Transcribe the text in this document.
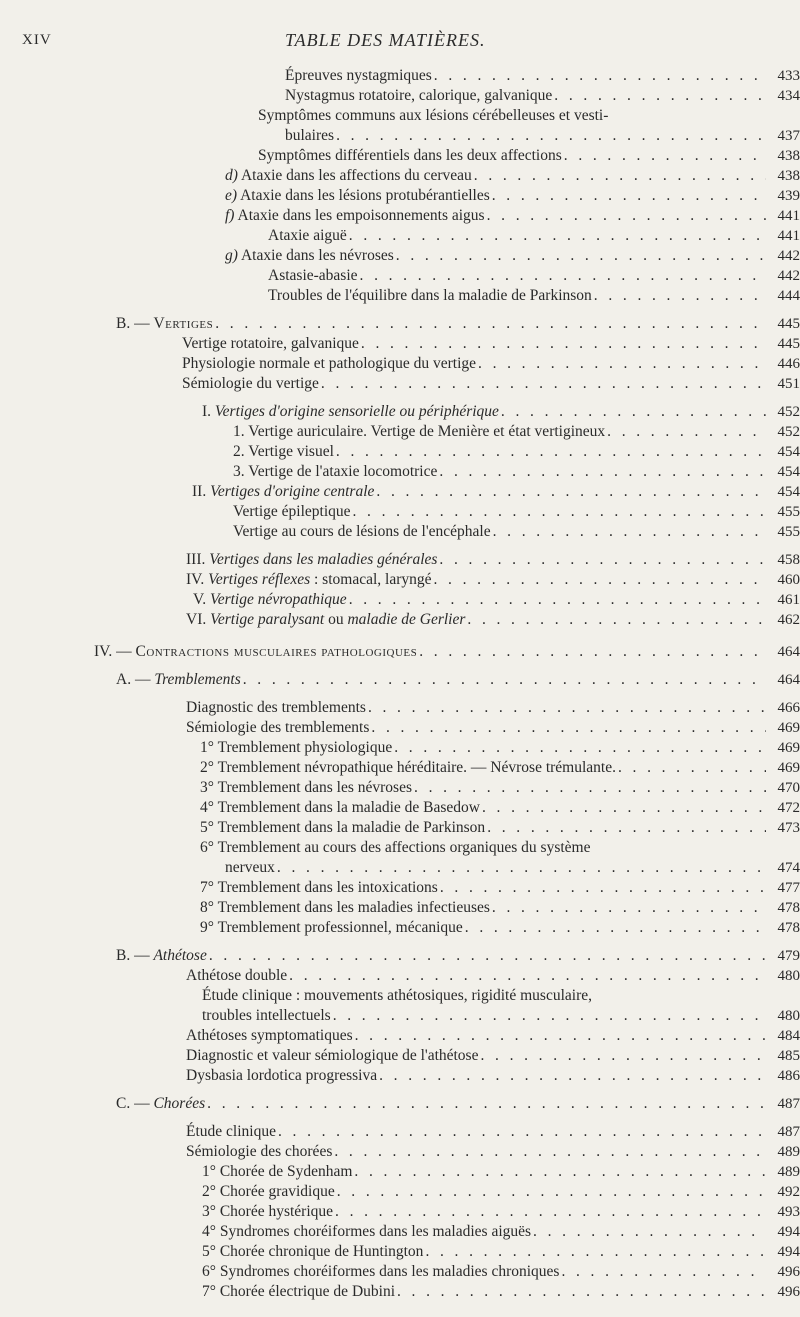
XIV	TABLE DES MATIÈRES.
Épreuves nystagmiques . . .	433
Nystagmus rotatoire, calorique, galvanique . . .	434
Symptômes communs aux lésions cérébelleuses et vesti-
bulaires . . .	437
Symptômes différentiels dans les deux affections . . .	438
d) Ataxie dans les affections du cerveau . . .	438
e) Ataxie dans les lésions protubérantielles . . .	439
f) Ataxie dans les empoisonnements aigus . . .	441
Ataxie aiguë . . .	441
g) Ataxie dans les névroses . . .	442
Astasie-abasie . . .	442
Troubles de l'équilibre dans la maladie de Parkinson . . .	444
B. — Vertiges . . .	445
Vertige rotatoire, galvanique . . .	445
Physiologie normale et pathologique du vertige . . .	446
Sémiologie du vertige . . .	451
I. Vertiges d'origine sensorielle ou périphérique . . .	452
1. Vertige auriculaire. Vertige de Menière et état vertigineux . . .	452
2. Vertige visuel . . .	454
3. Vertige de l'ataxie locomotrice . . .	454
II. Vertiges d'origine centrale . . .	454
Vertige épileptique . . .	455
Vertige au cours de lésions de l'encéphale . . .	455
III. Vertiges dans les maladies générales . . .	458
IV. Vertiges réflexes : stomacal, laryngé . . .	460
V. Vertige névropathique . . .	461
VI. Vertige paralysant ou maladie de Gerlier . . .	462
IV. — Contractions musculaires pathologiques . . .	464
A. — Tremblements . . .	464
Diagnostic des tremblements . . .	466
Sémiologie des tremblements . . .	469
1° Tremblement physiologique . . .	469
2° Tremblement névropathique héréditaire. — Névrose trémulante. . . .	469
3° Tremblement dans les névroses . . .	470
4° Tremblement dans la maladie de Basedow . . .	472
5° Tremblement dans la maladie de Parkinson . . .	473
6° Tremblement au cours des affections organiques du système
nerveux . . .	474
7° Tremblement dans les intoxications . . .	477
8° Tremblement dans les maladies infectieuses . . .	478
9° Tremblement professionnel, mécanique . . .	478
B. — Athétose . . .	479
Athétose double . . .	480
Étude clinique : mouvements athétosiques, rigidité musculaire,
troubles intellectuels . . .	480
Athétoses symptomatiques . . .	484
Diagnostic et valeur sémiologique de l'athétose . . .	485
Dysbasia lordotica progressiva . . .	486
C. — Chorées . . .	487
Étude clinique . . .	487
Sémiologie des chorées . . .	489
1° Chorée de Sydenham . . .	489
2° Chorée gravidique . . .	492
3° Chorée hystérique . . .	493
4° Syndromes choréiformes dans les maladies aiguës . . .	494
5° Chorée chronique de Huntington . . .	494
6° Syndromes choréiformes dans les maladies chroniques . . .	496
7° Chorée électrique de Dubini . . .	496
